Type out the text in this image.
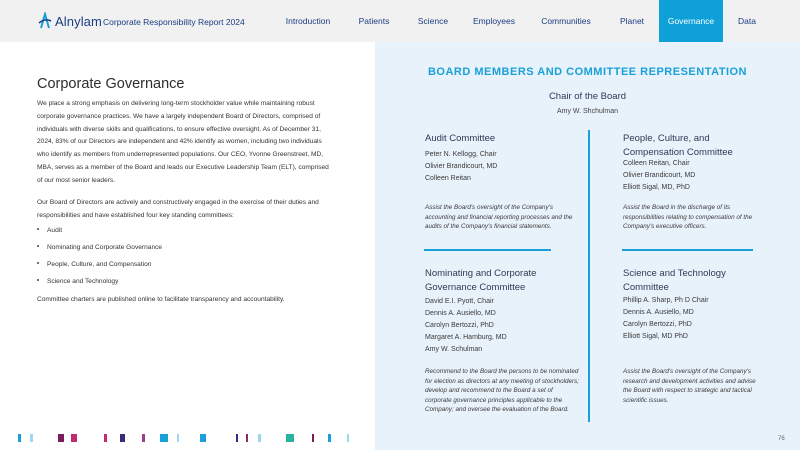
Alnylam Corporate Responsibility Report 2024	Introduction	Patients	Science	Employees	Communities	Planet	Governance	Data
Corporate Governance
We place a strong emphasis on delivering long-term stockholder value while maintaining robust corporate governance practices. We have a largely independent Board of Directors, comprised of individuals with diverse skills and qualifications, to ensure effective oversight. As of December 31, 2024, 83% of our Directors are independent and 42% identify as women, including two individuals who identify as members from underrepresented populations. Our CEO, Yvonne Greenstreet, MD, MBA, serves as a member of the Board and leads our Executive Leadership Team (ELT), comprised of our most senior leaders.
Our Board of Directors are actively and constructively engaged in the exercise of their duties and responsibilities and have established four key standing committees:
Audit
Nominating and Corporate Governance
People, Culture, and Compensation
Science and Technology
Committee charters are published online to facilitate transparency and accountability.
BOARD MEMBERS AND COMMITTEE REPRESENTATION
Chair of the Board
Amy W. Shchulman
Audit Committee
Peter N. Kellogg, Chair
Olivier Brandicourt, MD
Colleen Reitan
Assist the Board's oversight of the Company's accounting and financial reporting processes and the audits of the Company's financial statements.
People, Culture, and
Compensation Committee
Colleen Reitan, Chair
Olivier Brandicourt, MD
Elliott Sigal, MD, PhD
Assist the Board in the discharge of its responsibilities relating to compensation of the Company's executive officers.
Nominating and Corporate
Governance Committee
David E.I. Pyott, Chair
Dennis A. Ausiello, MD
Carolyn Bertozzi, PhD
Margaret A. Hamburg, MD
Amy W. Schulman
Recommend to the Board the persons to be nominated for election as directors at any meeting of stockholders; develop and recommend to the Board a set of corporate governance principles applicable to the Company; and oversee the evaluation of the Board.
Science and Technology
Committee
Phillip A. Sharp, Ph D Chair
Dennis A. Ausiello, MD
Carolyn Bertozzi, PhD
Elliott Sigal, MD PhD
Assist the Board's oversight of the Company's research and development activities and advise the Board with respect to strategic and tactical scientific issues.
76
